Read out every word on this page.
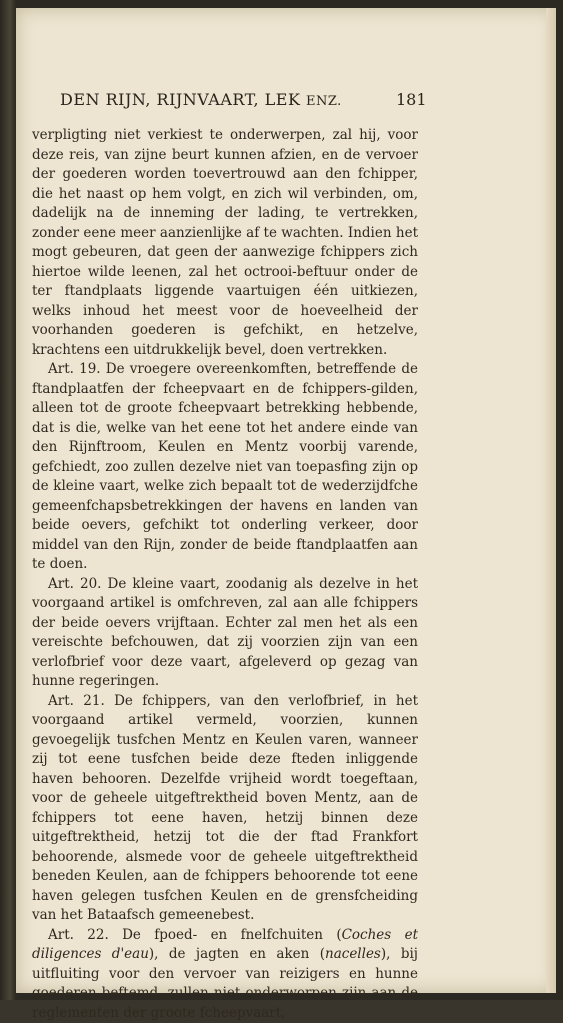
DEN RIJN, RIJNVAART, LEK ENZ.	181

verpligting niet verkiest te onderwerpen, zal hij, voor deze reis, van zijne beurt kunnen afzien, en de vervoer der goederen worden toevertrouwd aan den fchipper, die het naast op hem volgt, en zich wil verbinden, om, dadelijk na de inneming der lading, te vertrekken, zonder eene meer aanzienlijke af te wachten. Indien het mogt gebeuren, dat geen der aanwezige fchippers zich hiertoe wilde leenen, zal het octrooi-beftuur onder de ter ftandplaats liggende vaartuigen één uitkiezen, welks inhoud het meest voor de hoeveelheid der voorhanden goederen is gefchikt, en hetzelve, krachtens een uitdrukkelijk bevel, doen vertrekken.

Art. 19. De vroegere overeenkomften, betreffende de ftandplaatfen der fcheepvaart en de fchippers-gilden, alleen tot de groote fcheepvaart betrekking hebbende, dat is die, welke van het eene tot het andere einde van den Rijnftroom, Keulen en Mentz voorbij varende, gefchiedt, zoo zullen dezelve niet van toepasfing zijn op de kleine vaart, welke zich bepaalt tot de wederzijdfche gemeenfchapsbetrekkingen der havens en landen van beide oevers, gefchikt tot onderling verkeer, door middel van den Rijn, zonder de beide ftandplaatfen aan te doen.

Art. 20. De kleine vaart, zoodanig als dezelve in het voorgaand artikel is omfchreven, zal aan alle fchippers der beide oevers vrijftaan. Echter zal men het als een vereischte befchouwen, dat zij voorzien zijn van een verlofbrief voor deze vaart, afgeleverd op gezag van hunne regeringen.

Art. 21. De fchippers, van den verlofbrief, in het voorgaand artikel vermeld, voorzien, kunnen gevoegelijk tusfchen Mentz en Keulen varen, wanneer zij tot eene tusfchen beide deze fteden inliggende haven behooren. Dezelfde vrijheid wordt toegeftaan, voor de geheele uitgeftrektheid boven Mentz, aan de fchippers tot eene haven, hetzij binnen deze uitgeftrektheid, hetzij tot die der ftad Frankfort behoorende, alsmede voor de geheele uitgeftrektheid beneden Keulen, aan de fchippers behoorende tot eene haven gelegen tusfchen Keulen en de grensfcheiding van het Bataafsch gemeenebest.

Art. 22. De fpoed- en fnelfchuiten (Coches et diligences d'eau), de jagten en aken (nacelles), bij uitfluiting voor den vervoer van reizigers en hunne goederen beftemd, zullen niet onderworpen zijn aan de reglementen der groote fcheepvaart,
